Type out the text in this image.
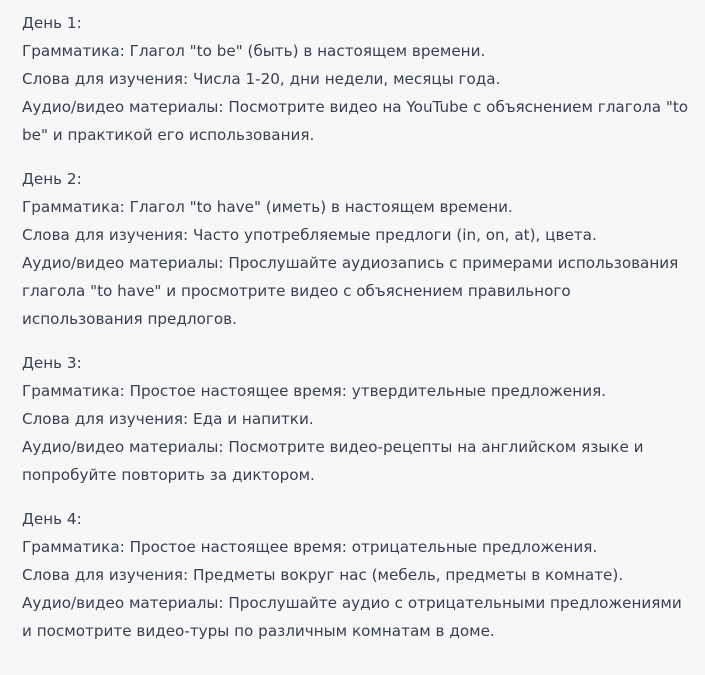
День 1:
Грамматика: Глагол "to be" (быть) в настоящем времени.
Слова для изучения: Числа 1-20, дни недели, месяцы года.
Аудио/видео материалы: Посмотрите видео на YouTube с объяснением глагола "to be" и практикой его использования.
День 2:
Грамматика: Глагол "to have" (иметь) в настоящем времени.
Слова для изучения: Часто употребляемые предлоги (in, on, at), цвета.
Аудио/видео материалы: Прослушайте аудиозапись с примерами использования глагола "to have" и просмотрите видео с объяснением правильного использования предлогов.
День 3:
Грамматика: Простое настоящее время: утвердительные предложения.
Слова для изучения: Еда и напитки.
Аудио/видео материалы: Посмотрите видео-рецепты на английском языке и попробуйте повторить за диктором.
День 4:
Грамматика: Простое настоящее время: отрицательные предложения.
Слова для изучения: Предметы вокруг нас (мебель, предметы в комнате).
Аудио/видео материалы: Прослушайте аудио с отрицательными предложениями и посмотрите видео-туры по различным комнатам в доме.
